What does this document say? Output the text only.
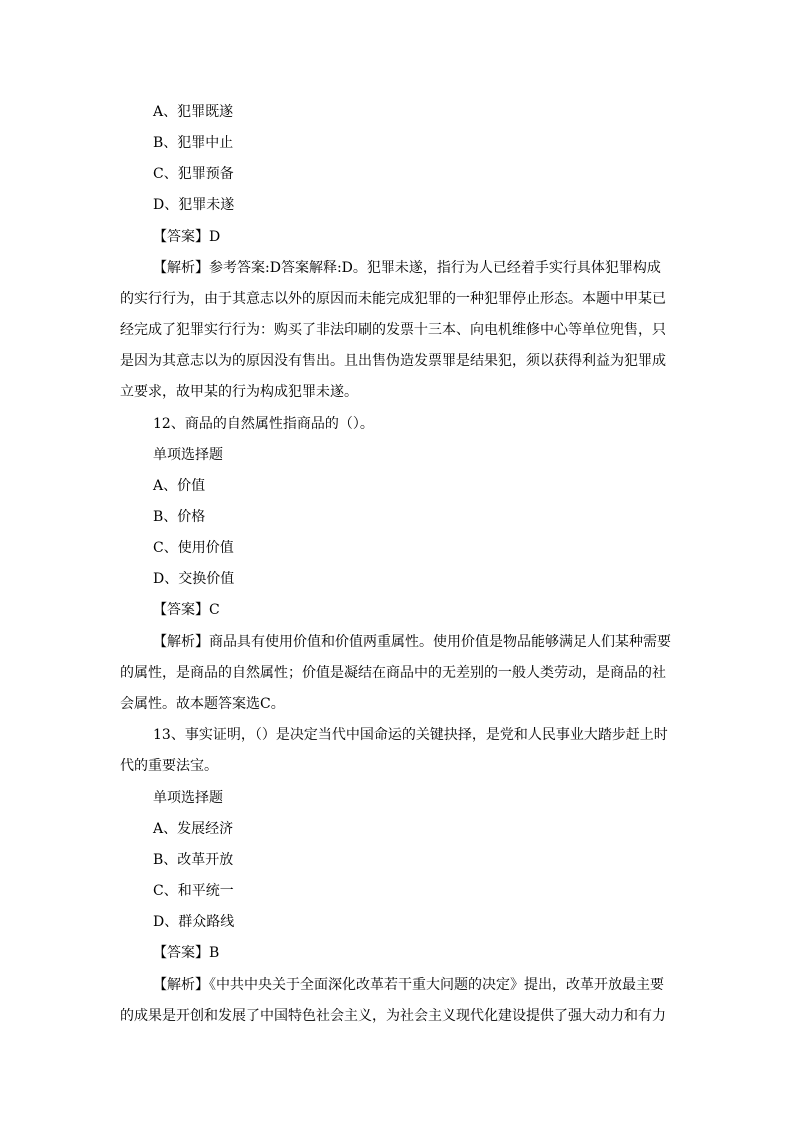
A、犯罪既遂
B、犯罪中止
C、犯罪预备
D、犯罪未遂
【答案】D
【解析】参考答案:D答案解释:D。犯罪未遂，指行为人已经着手实行具体犯罪构成
的实行行为，由于其意志以外的原因而未能完成犯罪的一种犯罪停止形态。本题中甲某已
经完成了犯罪实行行为：购买了非法印刷的发票十三本、向电机维修中心等单位兜售，只
是因为其意志以为的原因没有售出。且出售伪造发票罪是结果犯，须以获得利益为犯罪成
立要求，故甲某的行为构成犯罪未遂。
12、商品的自然属性指商品的（）。
单项选择题
A、价值
B、价格
C、使用价值
D、交换价值
【答案】C
【解析】商品具有使用价值和价值两重属性。使用价值是物品能够满足人们某种需要
的属性，是商品的自然属性；价值是凝结在商品中的无差别的一般人类劳动，是商品的社
会属性。故本题答案选C。
13、事实证明，（）是决定当代中国命运的关键抉择，是党和人民事业大踏步赶上时
代的重要法宝。
单项选择题
A、发展经济
B、改革开放
C、和平统一
D、群众路线
【答案】B
【解析】《中共中央关于全面深化改革若干重大问题的决定》提出，改革开放最主要
的成果是开创和发展了中国特色社会主义，为社会主义现代化建设提供了强大动力和有力
